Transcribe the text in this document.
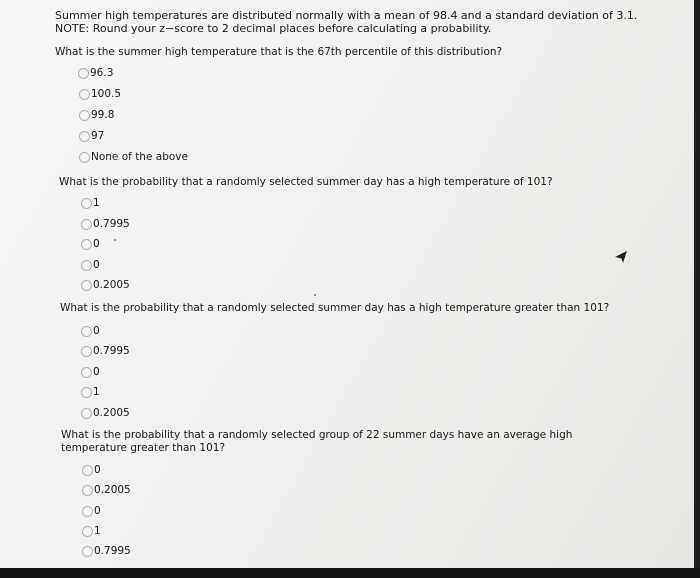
Summer high temperatures are distributed normally with a mean of 98.4 and a standard deviation of 3.1.
NOTE: Round your z−score to 2 decimal places before calculating a probability.
What is the summer high temperature that is the 67th percentile of this distribution?
96.3
100.5
99.8
97
None of the above
What is the probability that a randomly selected summer day has a high temperature of 101?
1
0.7995
0
0
0.2005
What is the probability that a randomly selected summer day has a high temperature greater than 101?
0
0.7995
0
1
0.2005
What is the probability that a randomly selected group of 22 summer days have an average high temperature greater than 101?
0
0.2005
0
1
0.7995
